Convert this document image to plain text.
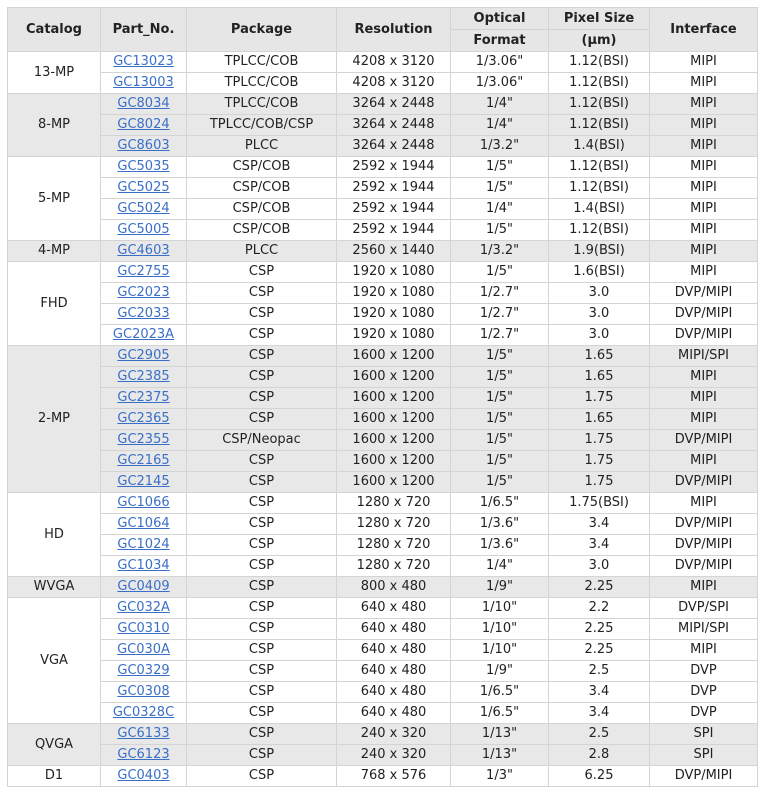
Catalog	Part_No.	Package	Resolution	Optical	Pixel Size	Interface
				Format	(µm)	
13-MP	GC13023	TPLCC/COB	4208 x 3120	1/3.06"	1.12(BSI)	MIPI
	GC13003	TPLCC/COB	4208 x 3120	1/3.06"	1.12(BSI)	MIPI
8-MP	GC8034	TPLCC/COB	3264 x 2448	1/4"	1.12(BSI)	MIPI
	GC8024	TPLCC/COB/CSP	3264 x 2448	1/4"	1.12(BSI)	MIPI
	GC8603	PLCC	3264 x 2448	1/3.2"	1.4(BSI)	MIPI
5-MP	GC5035	CSP/COB	2592 x 1944	1/5"	1.12(BSI)	MIPI
	GC5025	CSP/COB	2592 x 1944	1/5"	1.12(BSI)	MIPI
	GC5024	CSP/COB	2592 x 1944	1/4"	1.4(BSI)	MIPI
	GC5005	CSP/COB	2592 x 1944	1/5"	1.12(BSI)	MIPI
4-MP	GC4603	PLCC	2560 x 1440	1/3.2"	1.9(BSI)	MIPI
FHD	GC2755	CSP	1920 x 1080	1/5"	1.6(BSI)	MIPI
	GC2023	CSP	1920 x 1080	1/2.7"	3.0	DVP/MIPI
	GC2033	CSP	1920 x 1080	1/2.7"	3.0	DVP/MIPI
	GC2023A	CSP	1920 x 1080	1/2.7"	3.0	DVP/MIPI
2-MP	GC2905	CSP	1600 x 1200	1/5"	1.65	MIPI/SPI
	GC2385	CSP	1600 x 1200	1/5"	1.65	MIPI
	GC2375	CSP	1600 x 1200	1/5"	1.75	MIPI
	GC2365	CSP	1600 x 1200	1/5"	1.65	MIPI
	GC2355	CSP/Neopac	1600 x 1200	1/5"	1.75	DVP/MIPI
	GC2165	CSP	1600 x 1200	1/5"	1.75	MIPI
	GC2145	CSP	1600 x 1200	1/5"	1.75	DVP/MIPI
HD	GC1066	CSP	1280 x 720	1/6.5"	1.75(BSI)	MIPI
	GC1064	CSP	1280 x 720	1/3.6"	3.4	DVP/MIPI
	GC1024	CSP	1280 x 720	1/3.6"	3.4	DVP/MIPI
	GC1034	CSP	1280 x 720	1/4"	3.0	DVP/MIPI
WVGA	GC0409	CSP	800 x 480	1/9"	2.25	MIPI
VGA	GC032A	CSP	640 x 480	1/10"	2.2	DVP/SPI
	GC0310	CSP	640 x 480	1/10"	2.25	MIPI/SPI
	GC030A	CSP	640 x 480	1/10"	2.25	MIPI
	GC0329	CSP	640 x 480	1/9"	2.5	DVP
	GC0308	CSP	640 x 480	1/6.5"	3.4	DVP
	GC0328C	CSP	640 x 480	1/6.5"	3.4	DVP
QVGA	GC6133	CSP	240 x 320	1/13"	2.5	SPI
	GC6123	CSP	240 x 320	1/13"	2.8	SPI
D1	GC0403	CSP	768 x 576	1/3"	6.25	DVP/MIPI
